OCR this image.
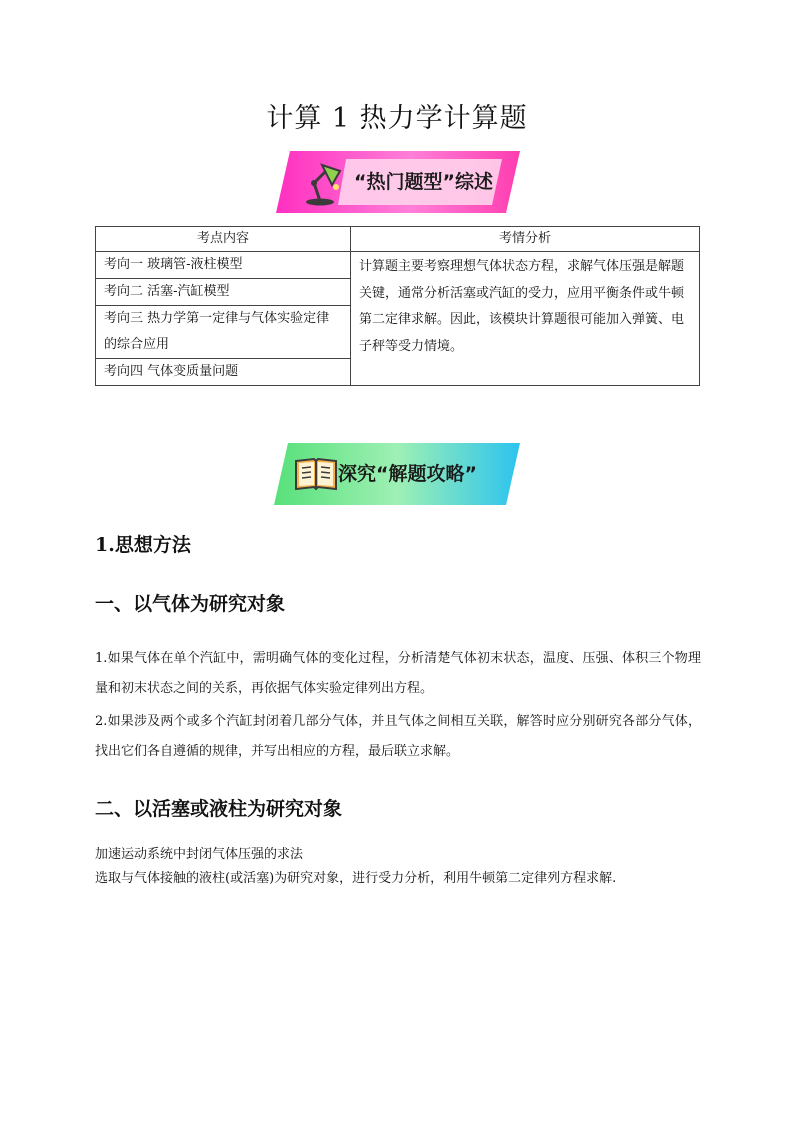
计算 1 热力学计算题
“热门题型”综述
考点内容	考情分析
考向一 玻璃管-液柱模型	计算题主要考察理想气体状态方程，求解气体压强是解题关键，通常分析活塞或汽缸的受力，应用平衡条件或牛顿第二定律求解。因此，该模块计算题很可能加入弹簧、电子秤等受力情境。
考向二 活塞-汽缸模型	
考向三 热力学第一定律与气体实验定律的综合应用	
考向四 气体变质量问题	
深究“解题攻略”
1.思想方法
一、以气体为研究对象
1.如果气体在单个汽缸中，需明确气体的变化过程，分析清楚气体初末状态，温度、压强、体积三个物理量和初末状态之间的关系，再依据气体实验定律列出方程。
2.如果涉及两个或多个汽缸封闭着几部分气体，并且气体之间相互关联，解答时应分别研究各部分气体，找出它们各自遵循的规律，并写出相应的方程，最后联立求解。
二、以活塞或液柱为研究对象
加速运动系统中封闭气体压强的求法
选取与气体接触的液柱(或活塞)为研究对象，进行受力分析，利用牛顿第二定律列方程求解.
